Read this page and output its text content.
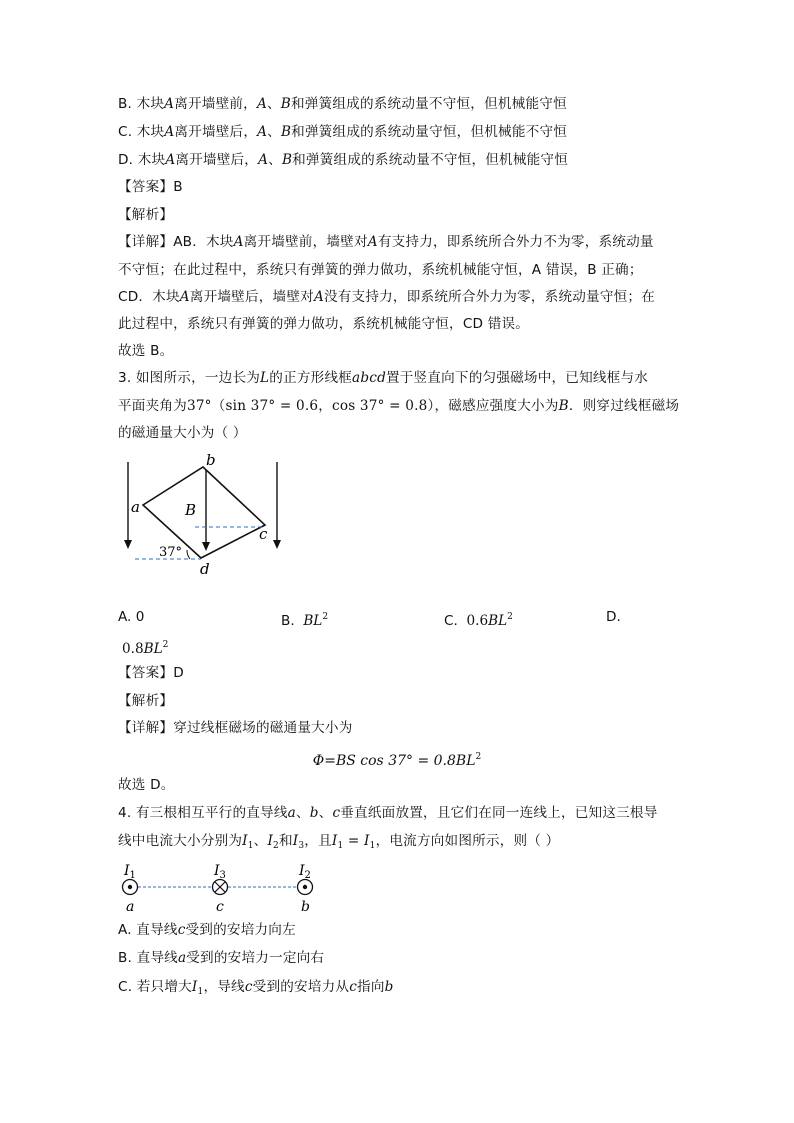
B. 木块A离开墙壁前，A、B和弹簧组成的系统动量不守恒，但机械能守恒
C. 木块A离开墙壁后，A、B和弹簧组成的系统动量守恒，但机械能不守恒
D. 木块A离开墙壁后，A、B和弹簧组成的系统动量不守恒，但机械能守恒
【答案】B
【解析】
【详解】AB．木块A离开墙壁前，墙壁对A有支持力，即系统所合外力不为零，系统动量
不守恒；在此过程中，系统只有弹簧的弹力做功，系统机械能守恒，A 错误，B 正确；
CD．木块A离开墙壁后，墙壁对A没有支持力，即系统所合外力为零，系统动量守恒；在
此过程中，系统只有弹簧的弹力做功，系统机械能守恒，CD 错误。
故选 B。
3. 如图所示，一边长为L的正方形线框abcd置于竖直向下的匀强磁场中，已知线框与水
平面夹角为37°（sin 37° = 0.6，cos 37° = 0.8），磁感应强度大小为B．则穿过线框磁场
的磁通量大小为（ ）
a
b
c
d
B
37°
A. 0	B. $BL^2$	C. $0.6BL^2$	D.
$0.8BL^2$
【答案】D
【解析】
【详解】穿过线框磁场的磁通量大小为
Φ=BS $\cos 37^\circ = 0.8BL^2$
故选 D。
4. 有三根相互平行的直导线a、b、c垂直纸面放置，且它们在同一连线上，已知这三根导
线中电流大小分别为$I_1$、$I_2$和$I_3$，且$I_1 = I_1$，电流方向如图所示，则（ ）
$I_1$	$I_3$	$I_2$
a	c	b
A. 直导线c受到的安培力向左
B. 直导线a受到的安培力一定向右
C. 若只增大$I_1$，导线c受到的安培力从c指向b
